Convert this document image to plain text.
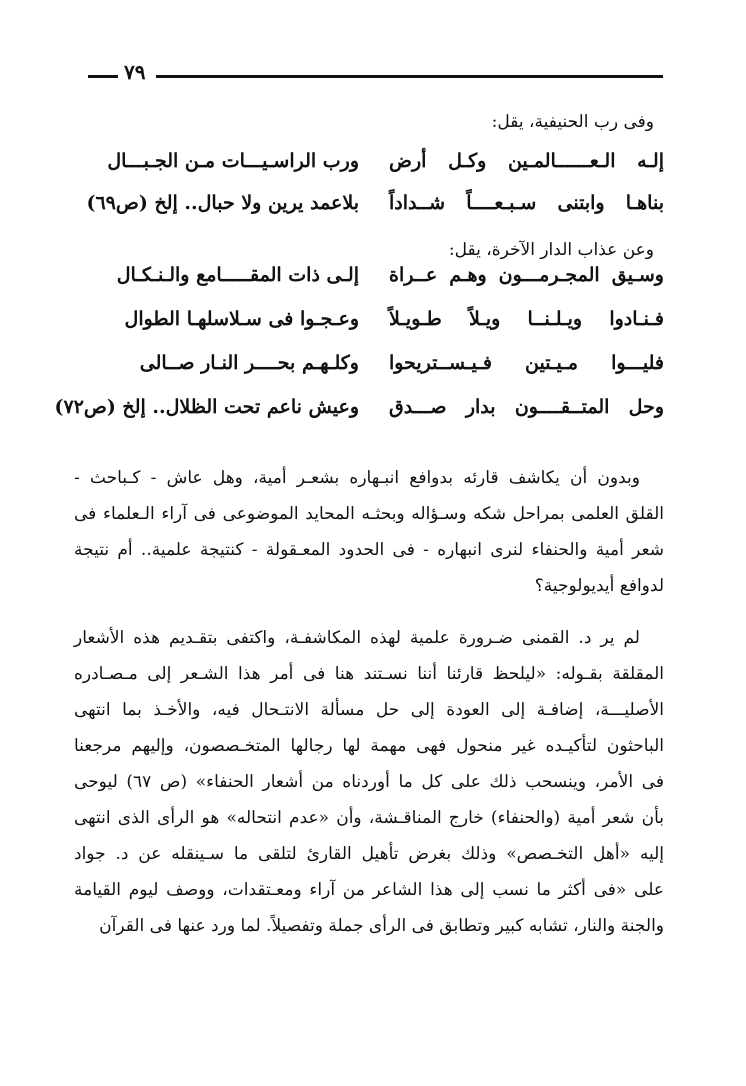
٧٩
وفى رب الحنيفية، يقل:
إلـه الـعــــــالمـين وكـل أرض
ورب الراسـيـــات مـن الجـبـــال
بناهـا وابتنى سـبـعــــاً شــداداً
بلاعمد يرين ولا حبال.. إلخ (ص٦٩)
وعن عذاب الدار الآخرة، يقل:
وسـيق المجـرمـــون وهـم عــراة
إلـى ذات المقـــــامع والـنـكـال
فـنـادوا ويـلـنــا ويـلاً طـويـلاً
وعـجـوا فى سـلاسلهـا الطوال
فليـــوا مـيـتين فـيـســتريحوا
وكلـهـم بحــــر النـار صــالى
وحل المتــقــــون بدار صـــدق
وعيش ناعم تحت الظلال.. إلخ (ص٧٢)
وبدون أن يكاشف قارئه بدوافع انبـهاره بشعـر أمية، وهل عاش - كـباحث -
القلق العلمى بمراحل شكه وسـؤاله وبحثـه المحايد الموضوعى فى آراء الـعلماء فى
شعر أمية والحنفاء لنرى انبهاره - فى الحدود المعـقولة - كنتيجة علمية.. أم نتيجة
لدوافع أيديولوجية؟
لم ير د. القمنى ضـرورة علمية لهذه المكاشفـة، واكتفى بتقـديم هذه الأشعار
المقلقة بقـوله: «ليلحظ قارئنا أننا نسـتند هنا فى أمر هذا الشـعر إلى مـصـادره
الأصليـــة، إضافـة إلى العودة إلى حل مسألة الانتـحال فيه، والأخـذ بما انتهى
الباحثون لتأكيـده غير منحول فهى مهمة لها رجالها المتخـصصون، وإليهم مرجعنا
فى الأمر، وينسحب ذلك على كل ما أوردناه من أشعار الحنفاء» (ص ٦٧) ليوحى
بأن شعر أمية (والحنفاء) خارج المناقـشة، وأن «عدم انتحاله» هو الرأى الذى انتهى
إليه «أهل التخـصص» وذلك بغرض تأهيل القارئ لتلقى ما سـينقله عن د. جواد
على «فى أكثر ما نسب إلى هذا الشاعر من آراء ومعـتقدات، ووصف ليوم القيامة
والجنة والنار، تشابه كبير وتطابق فى الرأى جملة وتفصيلاً. لما ورد عنها فى القرآن
